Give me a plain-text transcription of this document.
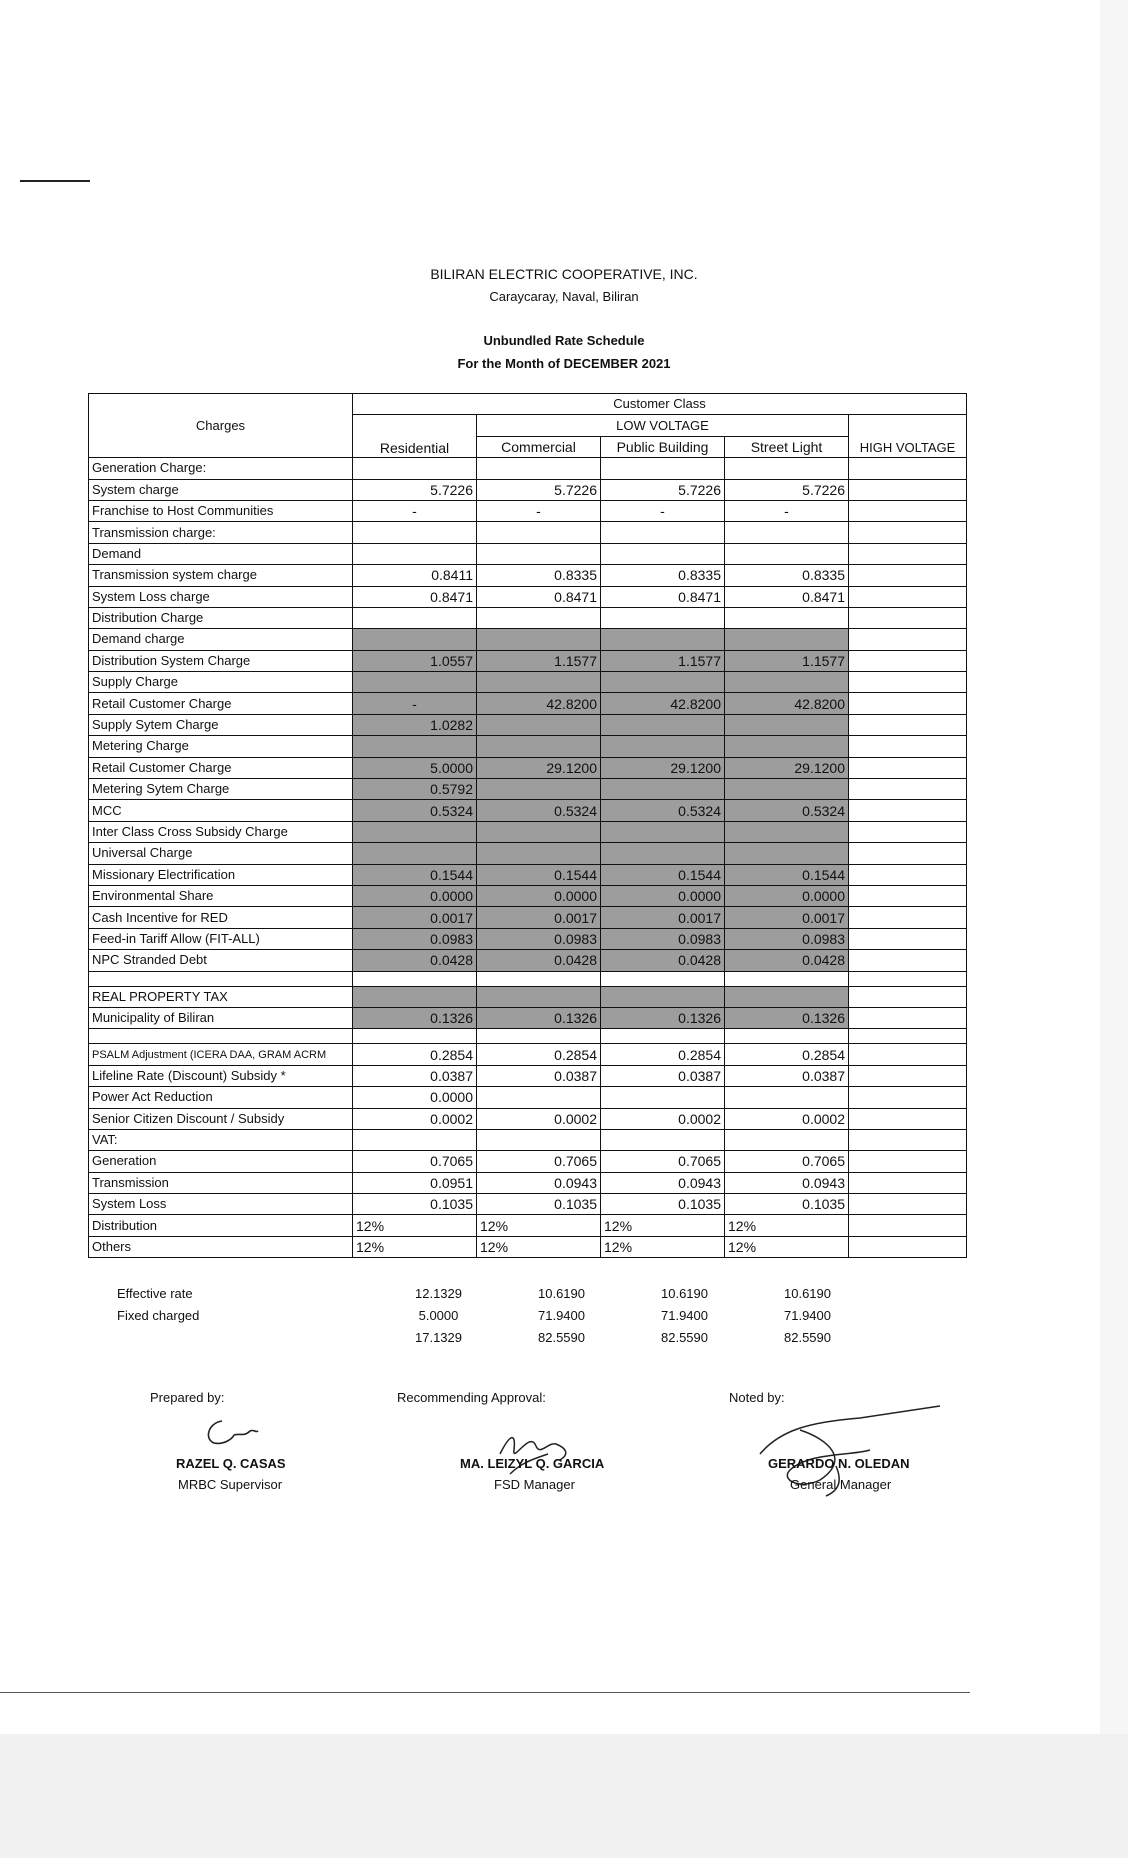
BILIRAN ELECTRIC COOPERATIVE, INC.
Caraycaray, Naval, Biliran
Unbundled Rate Schedule
For the Month of DECEMBER 2021
Charges	Customer Class				
	Residential	LOW VOLTAGE			HIGH VOLTAGE
		Commercial	Public Building	Street Light	
Generation Charge:					
System charge	5.7226	5.7226	5.7226	5.7226	
Franchise to Host Communities	-	-	-	-	
Transmission charge:					
Demand					
Transmission system charge	0.8411	0.8335	0.8335	0.8335	
System Loss charge	0.8471	0.8471	0.8471	0.8471	
Distribution Charge					
Demand charge					
Distribution System Charge	1.0557	1.1577	1.1577	1.1577	
Supply Charge					
Retail Customer Charge	-	42.8200	42.8200	42.8200	
Supply Sytem Charge	1.0282				
Metering Charge					
Retail Customer Charge	5.0000	29.1200	29.1200	29.1200	
Metering Sytem Charge	0.5792				
MCC	0.5324	0.5324	0.5324	0.5324	
Inter Class Cross Subsidy Charge					
Universal Charge					
Missionary Electrification	0.1544	0.1544	0.1544	0.1544	
Environmental Share	0.0000	0.0000	0.0000	0.0000	
Cash Incentive for RED	0.0017	0.0017	0.0017	0.0017	
Feed-in Tariff Allow (FIT-ALL)	0.0983	0.0983	0.0983	0.0983	
NPC Stranded Debt	0.0428	0.0428	0.0428	0.0428	

REAL PROPERTY TAX					
Municipality of Biliran	0.1326	0.1326	0.1326	0.1326	

PSALM Adjustment (ICERA DAA, GRAM ACRM	0.2854	0.2854	0.2854	0.2854	
Lifeline Rate (Discount) Subsidy *	0.0387	0.0387	0.0387	0.0387	
Power Act Reduction	0.0000				
Senior Citizen Discount / Subsidy	0.0002	0.0002	0.0002	0.0002	
VAT:					
Generation	0.7065	0.7065	0.7065	0.7065	
Transmission	0.0951	0.0943	0.0943	0.0943	
System Loss	0.1035	0.1035	0.1035	0.1035	
Distribution	12%	12%	12%	12%	
Others	12%	12%	12%	12%	
Effective rate	12.1329	10.6190	10.6190	10.6190
Fixed charged	5.0000	71.9400	71.9400	71.9400
	17.1329	82.5590	82.5590	82.5590
Prepared by:
RAZEL Q. CASAS
MRBC Supervisor
Recommending Approval:
MA. LEIZYL Q. GARCIA
FSD Manager
Noted by:
GERARDO N. OLEDAN
General Manager
